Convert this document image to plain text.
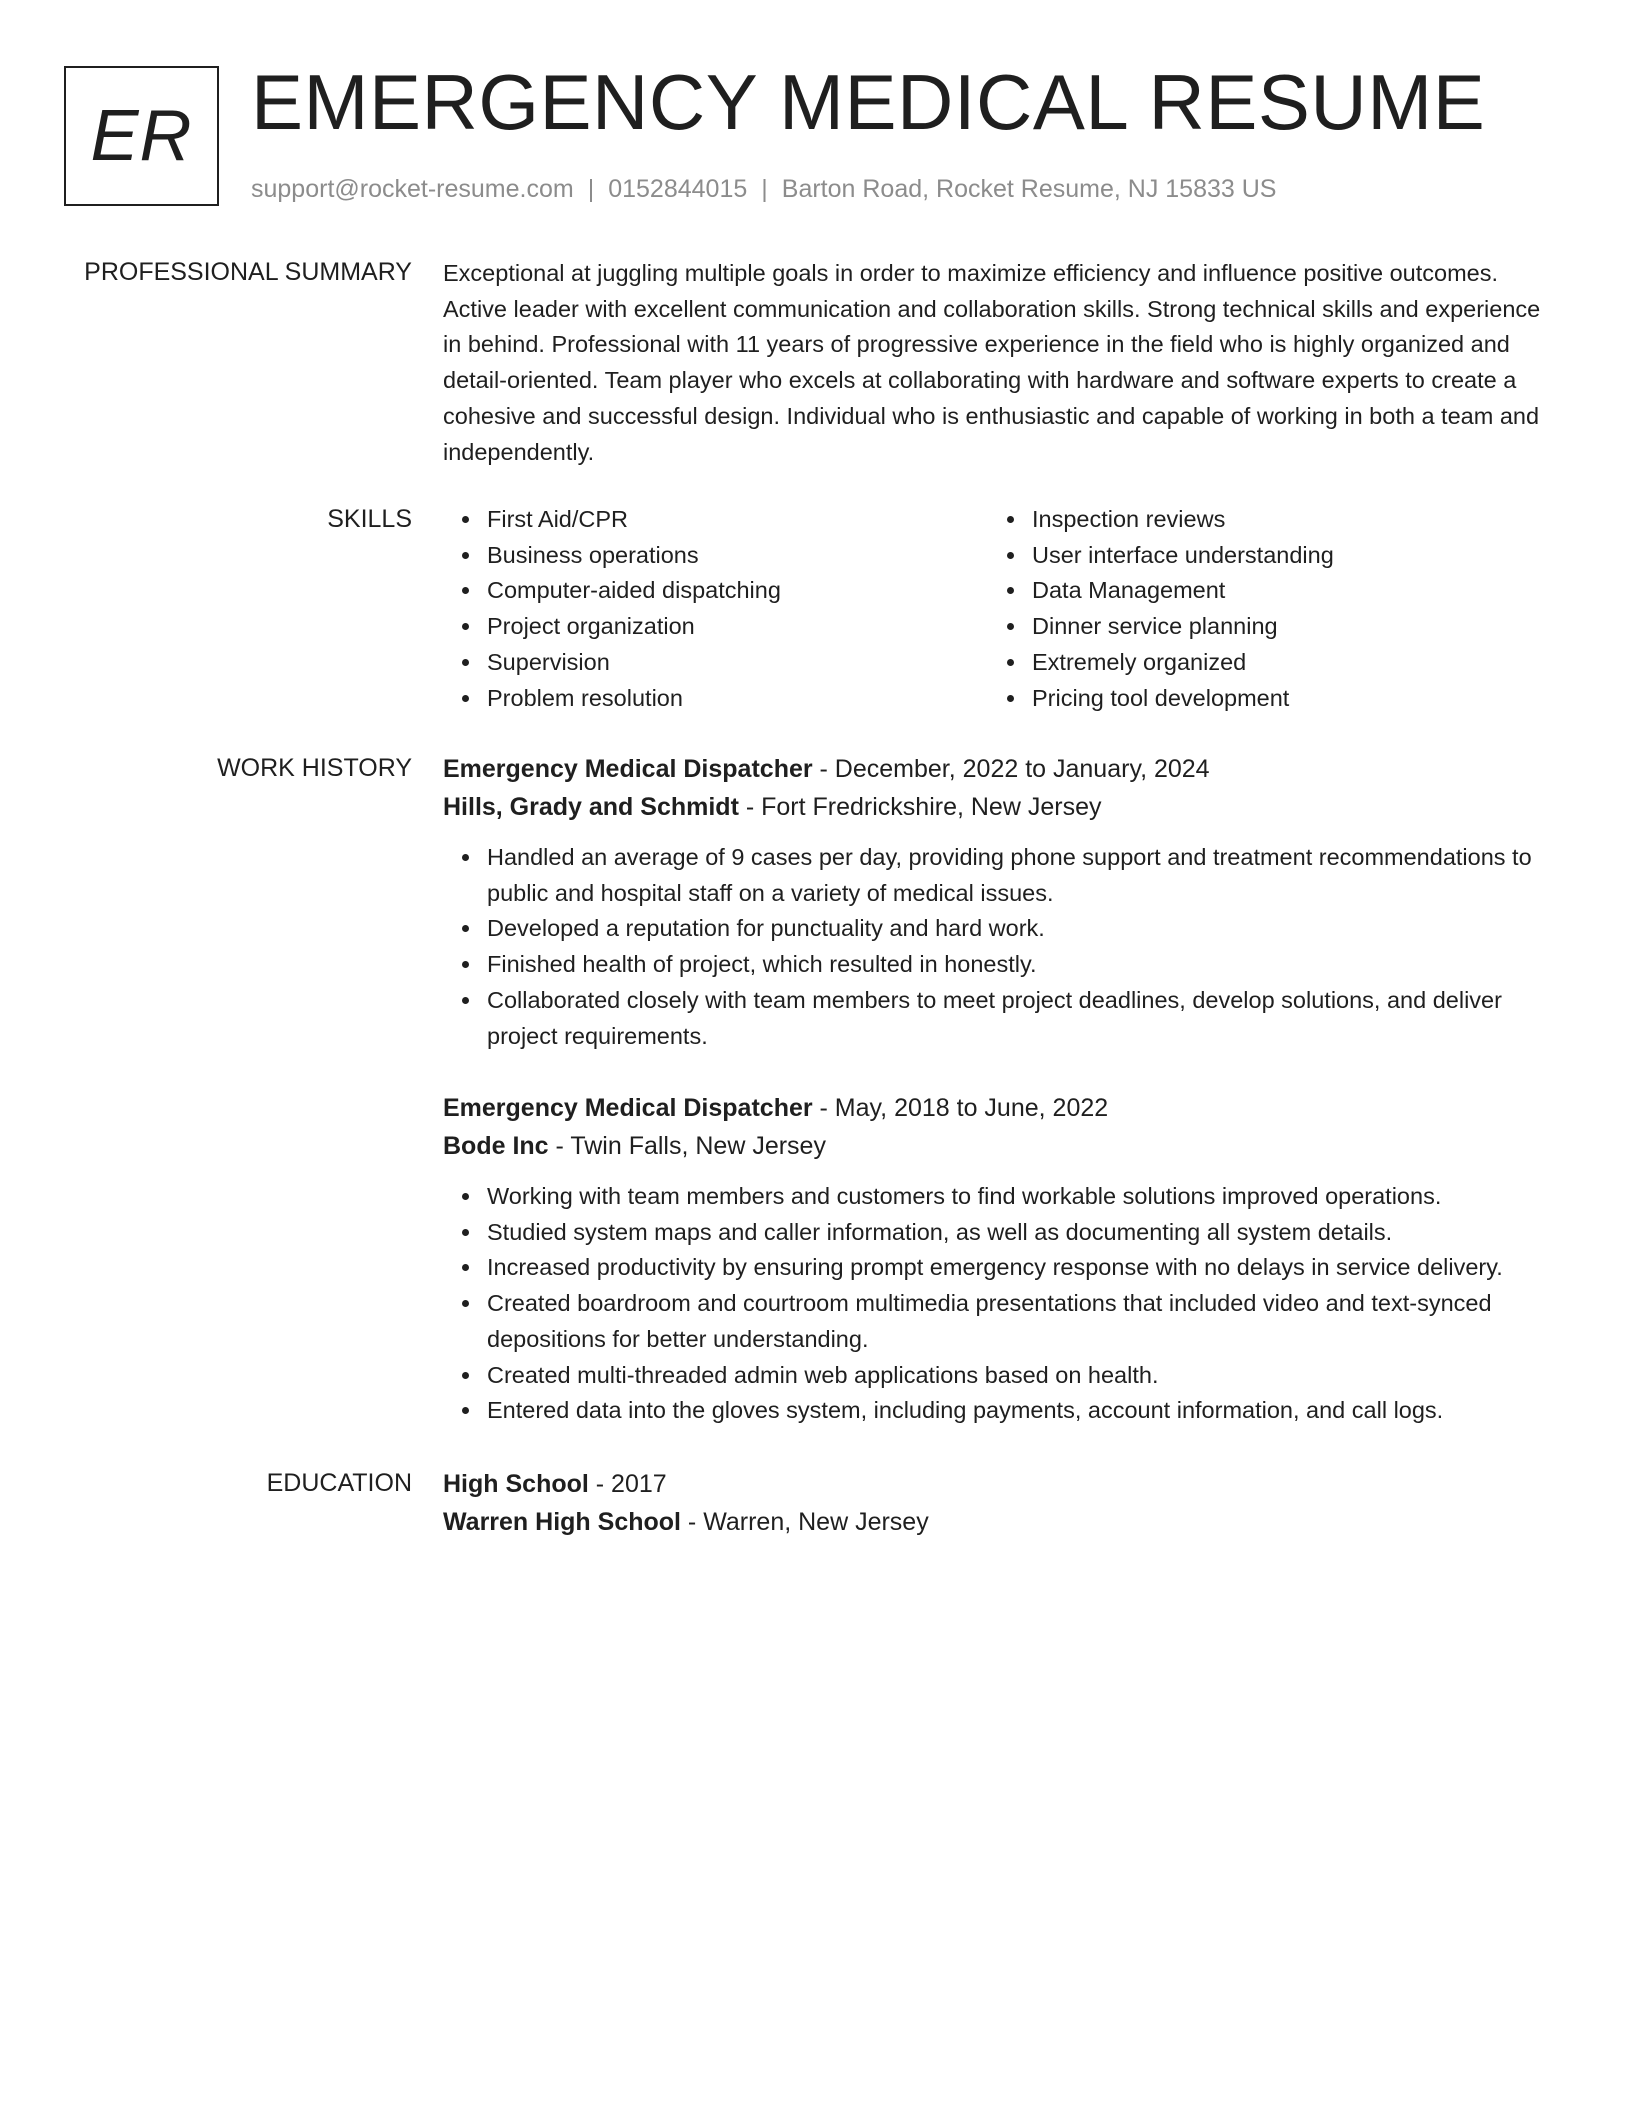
ER EMERGENCY MEDICAL RESUME
support@rocket-resume.com | 0152844015 | Barton Road, Rocket Resume, NJ 15833 US
PROFESSIONAL SUMMARY Exceptional at juggling multiple goals in order to maximize efficiency and influence positive outcomes. Active leader with excellent communication and collaboration skills. Strong technical skills and experience in behind. Professional with 11 years of progressive experience in the field who is highly organized and detail-oriented. Team player who excels at collaborating with hardware and software experts to create a cohesive and successful design. Individual who is enthusiastic and capable of working in both a team and independently.

SKILLS	First Aid/CPR
Business operations
Computer-aided dispatching
Project organization
Supervision
Problem resolution
Inspection reviews
User interface understanding
Data Management
Dinner service planning
Extremely organized
Pricing tool development
WORK HISTORY Emergency Medical Dispatcher - December, 2022 to January, 2024
Hills, Grady and Schmidt - Fort Fredrickshire, New Jersey
Handled an average of 9 cases per day, providing phone support and treatment recommendations to public and hospital staff on a variety of medical issues.
Developed a reputation for punctuality and hard work.
Finished health of project, which resulted in honestly.
Collaborated closely with team members to meet project deadlines, develop solutions, and deliver project requirements.
Emergency Medical Dispatcher - May, 2018 to June, 2022
Bode Inc - Twin Falls, New Jersey
Working with team members and customers to find workable solutions improved operations.
Studied system maps and caller information, as well as documenting all system details.
Increased productivity by ensuring prompt emergency response with no delays in service delivery.
Created boardroom and courtroom multimedia presentations that included video and text-synced depositions for better understanding.
Created multi-threaded admin web applications based on health.
Entered data into the gloves system, including payments, account information, and call logs.
EDUCATION High School - 2017
Warren High School - Warren, New Jersey
